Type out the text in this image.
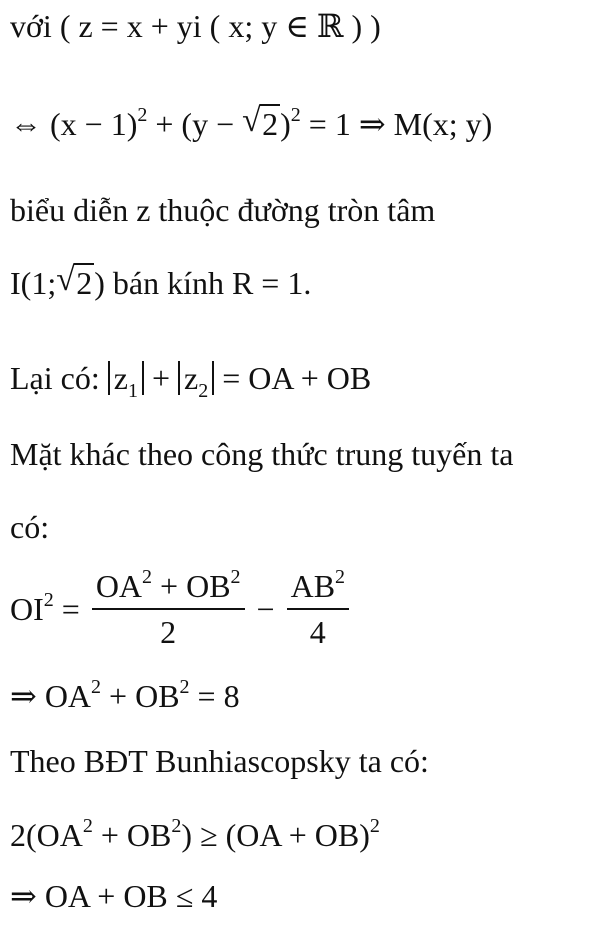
với ( z = x + yi ( x; y ∈ ℝ ) )
⇔ $(x - 1)^2 + (y$ − √ 2)$^2$ = 1 ⇒ M(x; y)
biểu diễn z thuộc đường tròn tâm
I(1; √ 2) bán kính R = 1.
Lại có: $z_1 + z_2$ = OA + OB
Mặt khác theo công thức trung tuyến ta
có:
$OI^2 = \frac{OA^2 + OB^2}{2} - \frac{AB^2}{4}$
⇒ $OA^2 + OB^2 = 8$
Theo BĐT Bunhiascopsky ta có:
$2(OA^2 + OB^2) \ge (OA + OB)^2$
⇒ OA + OB ≤ 4
